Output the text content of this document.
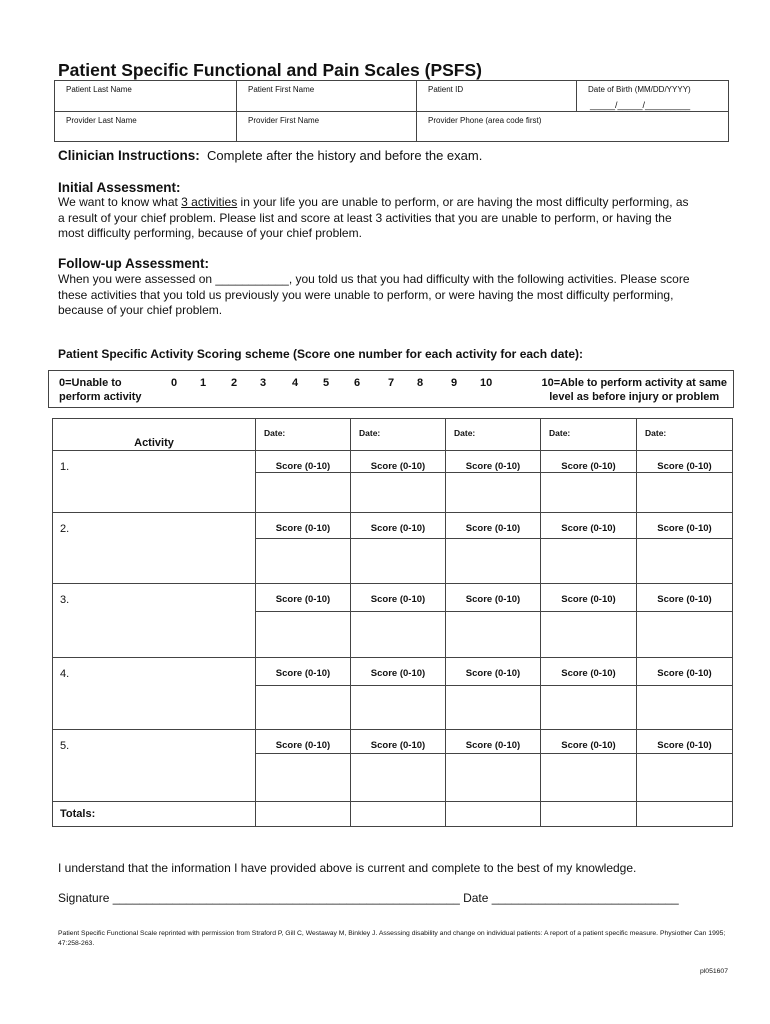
Patient Specific Functional and Pain Scales (PSFS)
Patient Last Name	Patient First Name	Patient ID	Date of Birth (MM/DD/YYYY)
_____/_____/_________

Provider Last Name	Provider First Name	Provider Phone (area code first)	
Clinician Instructions: Complete after the history and before the exam.
Initial Assessment:
We want to know what 3 activities in your life you are unable to perform, or are having the most difficulty performing, as
a result of your chief problem. Please list and score at least 3 activities that you are unable to perform, or having the
most difficulty performing, because of your chief problem.
Follow-up Assessment:
When you were assessed on ___________, you told us that you had difficulty with the following activities. Please score
these activities that you told us previously you were unable to perform, or were having the most difficulty performing,
because of your chief problem.
Patient Specific Activity Scoring scheme (Score one number for each activity for each date):
0=Unable to
perform activity
0 1 2 3 4 5 6	7 8	9 10	10=Able to perform activity at same
level as before injury or problem
Activity	Date:	Date:	Date:	Date:	Date:
1.	Score (0-10)	Score (0-10)	Score (0-10)	Score (0-10)	Score (0-10)

2.	Score (0-10)	Score (0-10)	Score (0-10)	Score (0-10)	Score (0-10)

3.	Score (0-10)	Score (0-10)	Score (0-10)	Score (0-10)	Score (0-10)

4.	Score (0-10)	Score (0-10)	Score (0-10)	Score (0-10)	Score (0-10)

5.	Score (0-10)	Score (0-10)	Score (0-10)	Score (0-10)	Score (0-10)

Totals:					
I understand that the information I have provided above is current and complete to the best of my knowledge.
Signature ____________________________________________________ Date ____________________________
Patient Specific Functional Scale reprinted with permission from Straford P, Gill C, Westaway M, Binkley J. Assessing disability and change on individual patients: A report of a patient specific measure. Physiother Can 1995; 47:258-263.
pl051607
